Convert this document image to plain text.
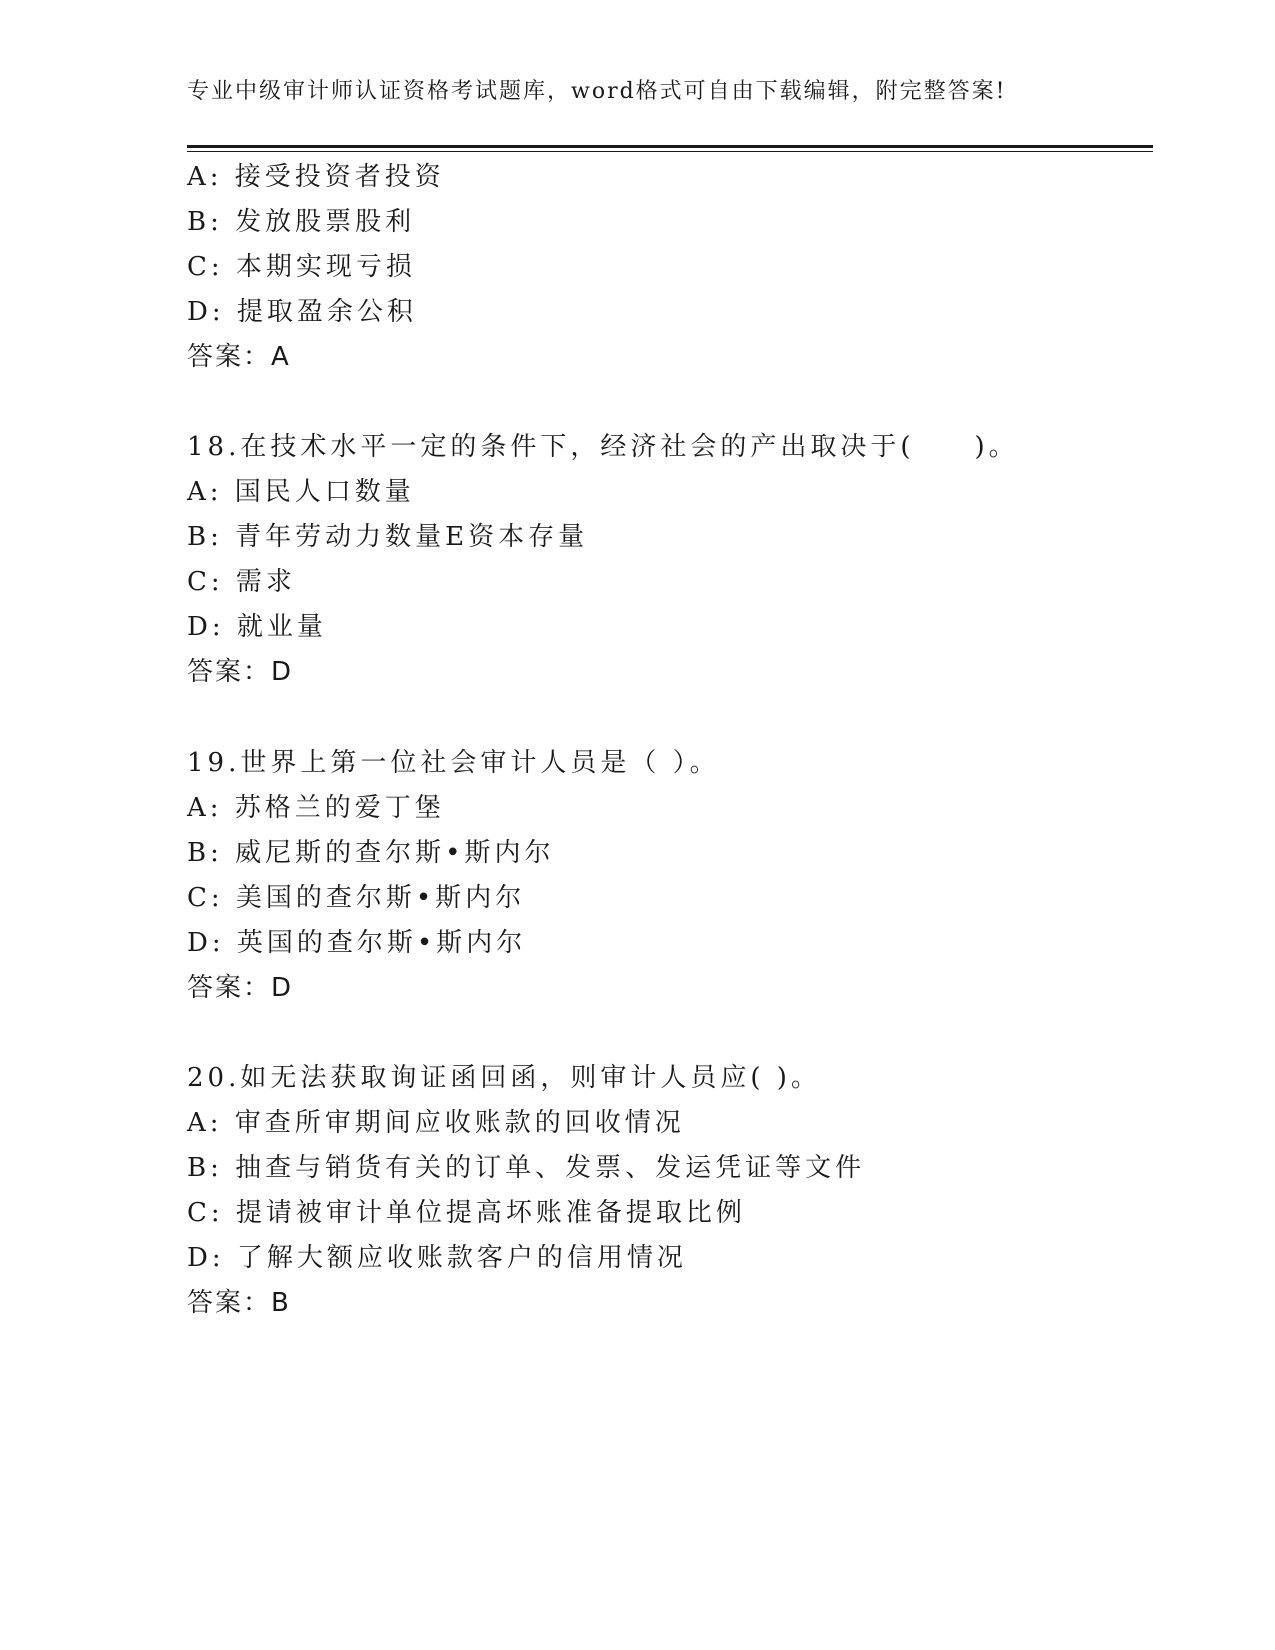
专业中级审计师认证资格考试题库，word格式可自由下载编辑，附完整答案!
A: 接受投资者投资
B: 发放股票股利
C: 本期实现亏损
D: 提取盈余公积
答案：A
18.在技术水平一定的条件下，经济社会的产出取决于(　　)。
A: 国民人口数量
B: 青年劳动力数量E资本存量
C: 需求
D: 就业量
答案：D
19.世界上第一位社会审计人员是（ ）。
A: 苏格兰的爱丁堡
B: 威尼斯的查尔斯•斯内尔
C: 美国的查尔斯•斯内尔
D: 英国的查尔斯•斯内尔
答案：D
20.如无法获取询证函回函，则审计人员应( )。
A: 审查所审期间应收账款的回收情况
B: 抽查与销货有关的订单、发票、发运凭证等文件
C: 提请被审计单位提高坏账准备提取比例
D: 了解大额应收账款客户的信用情况
答案：B
